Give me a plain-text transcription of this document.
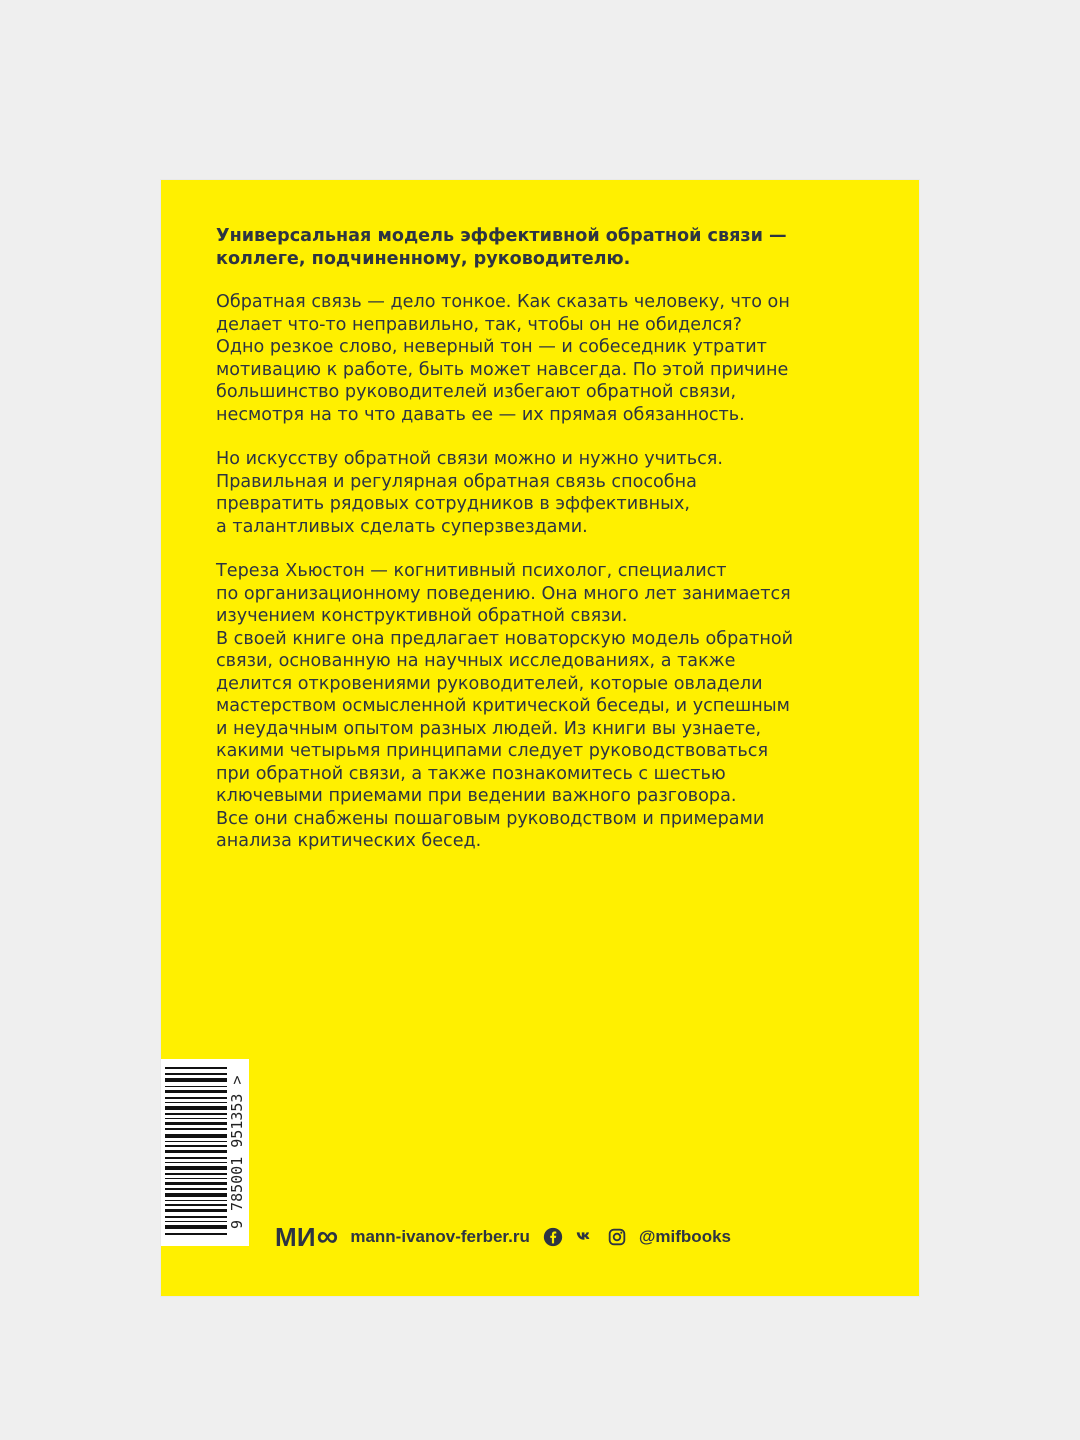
Универсальная модель эффективной обратной связи —
коллеге, подчиненному, руководителю.
Обратная связь — дело тонкое. Как сказать человеку, что он
делает что-то неправильно, так, чтобы он не обиделся?
Одно резкое слово, неверный тон — и собеседник утратит
мотивацию к работе, быть может навсегда. По этой причине
большинство руководителей избегают обратной связи,
несмотря на то что давать ее — их прямая обязанность.
Но искусству обратной связи можно и нужно учиться.
Правильная и регулярная обратная связь способна
превратить рядовых сотрудников в эффективных,
а талантливых сделать суперзвездами.
Тереза Хьюстон — когнитивный психолог, специалист
по организационному поведению. Она много лет занимается
изучением конструктивной обратной связи.
В своей книге она предлагает новаторскую модель обратной
связи, основанную на научных исследованиях, а также
делится откровениями руководителей, которые овладели
мастерством осмысленной критической беседы, и успешным
и неудачным опытом разных людей. Из книги вы узнаете,
какими четырьмя принципами следует руководствоваться
при обратной связи, а также познакомитесь с шестью
ключевыми приемами при ведении важного разговора.
Все они снабжены пошаговым руководством и примерами
анализа критических бесед.
9 785001 951353 >
МИ ∞ mann-ivanov-ferber.ru	@mifbooks
